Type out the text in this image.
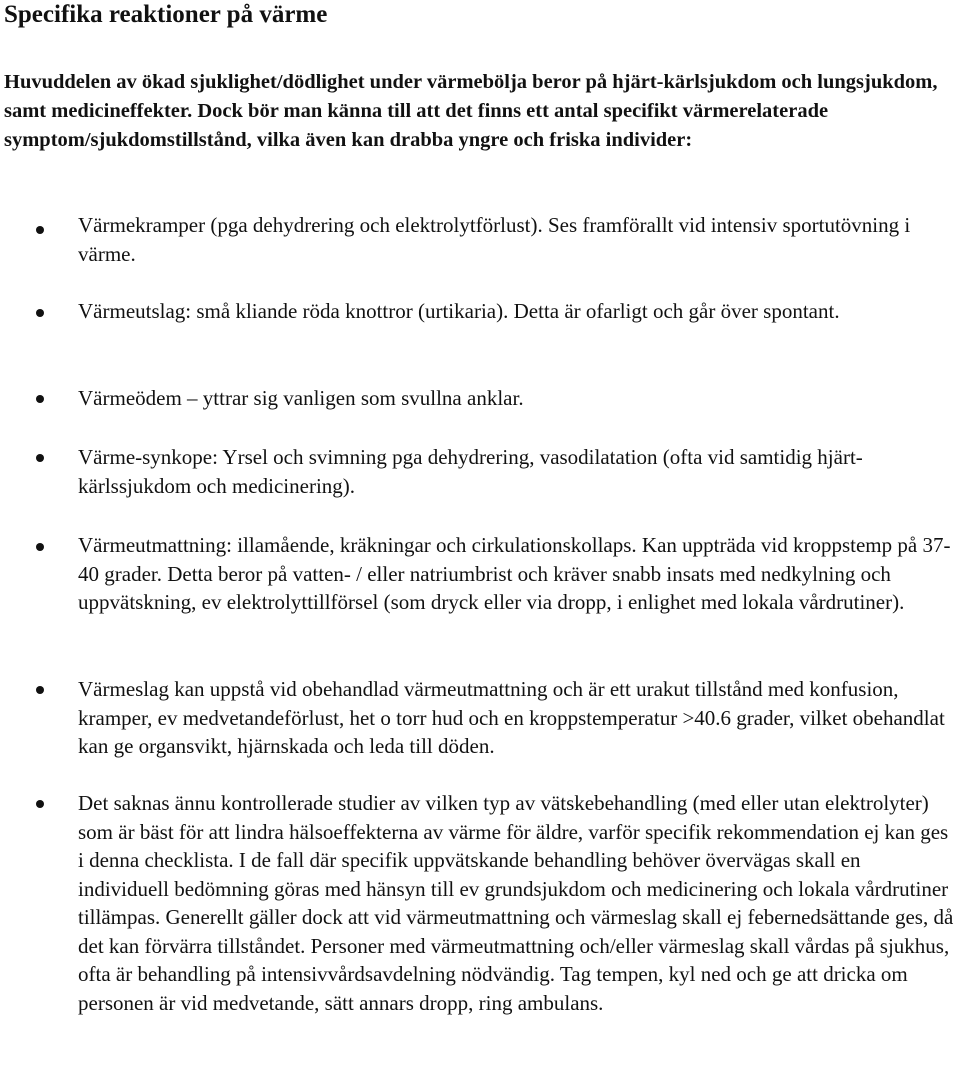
Specifika reaktioner på värme

Huvuddelen av ökad sjuklighet/dödlighet under värmebölja beror på hjärt-kärlsjukdom och lungsjukdom, samt medicineffekter. Dock bör man känna till att det finns ett antal specifikt värmerelaterade symptom/sjukdomstillstånd, vilka även kan drabba yngre och friska individer:

Värmekramper (pga dehydrering och elektrolytförlust). Ses framförallt vid intensiv sportutövning i värme.

Värmeutslag: små kliande röda knottror (urtikaria). Detta är ofarligt och går över spontant.

Värmeödem – yttrar sig vanligen som svullna anklar.

Värme-synkope: Yrsel och svimning pga dehydrering, vasodilatation (ofta vid samtidig hjärt-kärlssjukdom och medicinering).

Värmeutmattning: illamående, kräkningar och cirkulationskollaps. Kan uppträda vid kroppstemp på 37-40 grader. Detta beror på vatten- / eller natriumbrist och kräver snabb insats med nedkylning och uppvätskning, ev elektrolyttillförsel (som dryck eller via dropp, i enlighet med lokala vårdrutiner).

Värmeslag kan uppstå vid obehandlad värmeutmattning och är ett urakut tillstånd med konfusion, kramper, ev medvetandeförlust, het o torr hud och en kroppstemperatur >40.6 grader, vilket obehandlat kan ge organsvikt, hjärnskada och leda till döden.

Det saknas ännu kontrollerade studier av vilken typ av vätskebehandling (med eller utan elektrolyter) som är bäst för att lindra hälsoeffekterna av värme för äldre, varför specifik rekommendation ej kan ges i denna checklista. I de fall där specifik uppvätskande behandling behöver övervägas skall en individuell bedömning göras med hänsyn till ev grundsjukdom och medicinering och lokala vårdrutiner tillämpas. Generellt gäller dock att vid värmeutmattning och värmeslag skall ej febernedsättande ges, då det kan förvärra tillståndet. Personer med värmeutmattning och/eller värmeslag skall vårdas på sjukhus, ofta är behandling på intensivvårdsavdelning nödvändig. Tag tempen, kyl ned och ge att dricka om personen är vid medvetande, sätt annars dropp, ring ambulans.
